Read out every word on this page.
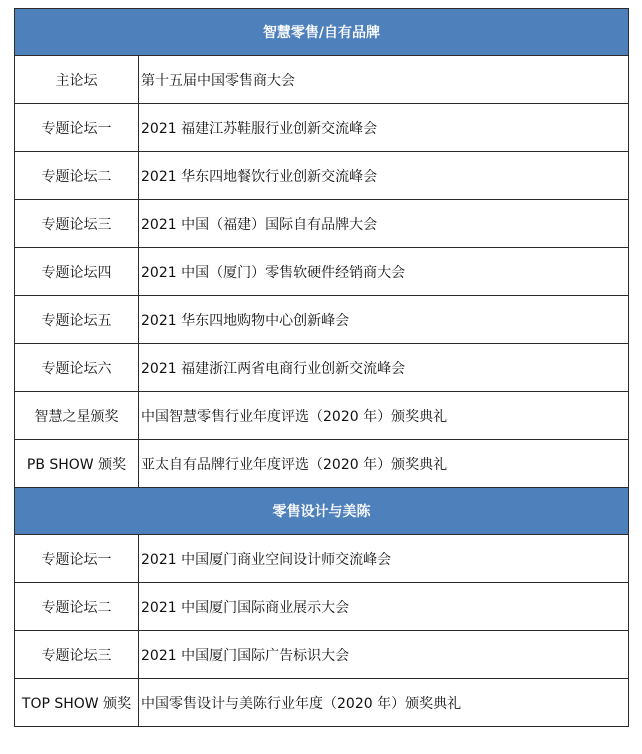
智慧零售/自有品牌	
主论坛	第十五届中国零售商大会
专题论坛一	2021 福建江苏鞋服行业创新交流峰会
专题论坛二	2021 华东四地餐饮行业创新交流峰会
专题论坛三	2021 中国（福建）国际自有品牌大会
专题论坛四	2021 中国（厦门）零售软硬件经销商大会
专题论坛五	2021 华东四地购物中心创新峰会
专题论坛六	2021 福建浙江两省电商行业创新交流峰会
智慧之星颁奖	中国智慧零售行业年度评选（2020 年）颁奖典礼
PB SHOW 颁奖	亚太自有品牌行业年度评选（2020 年）颁奖典礼
零售设计与美陈	
专题论坛一	2021 中国厦门商业空间设计师交流峰会
专题论坛二	2021 中国厦门国际商业展示大会
专题论坛三	2021 中国厦门国际广告标识大会
TOP SHOW 颁奖	中国零售设计与美陈行业年度（2020 年）颁奖典礼
